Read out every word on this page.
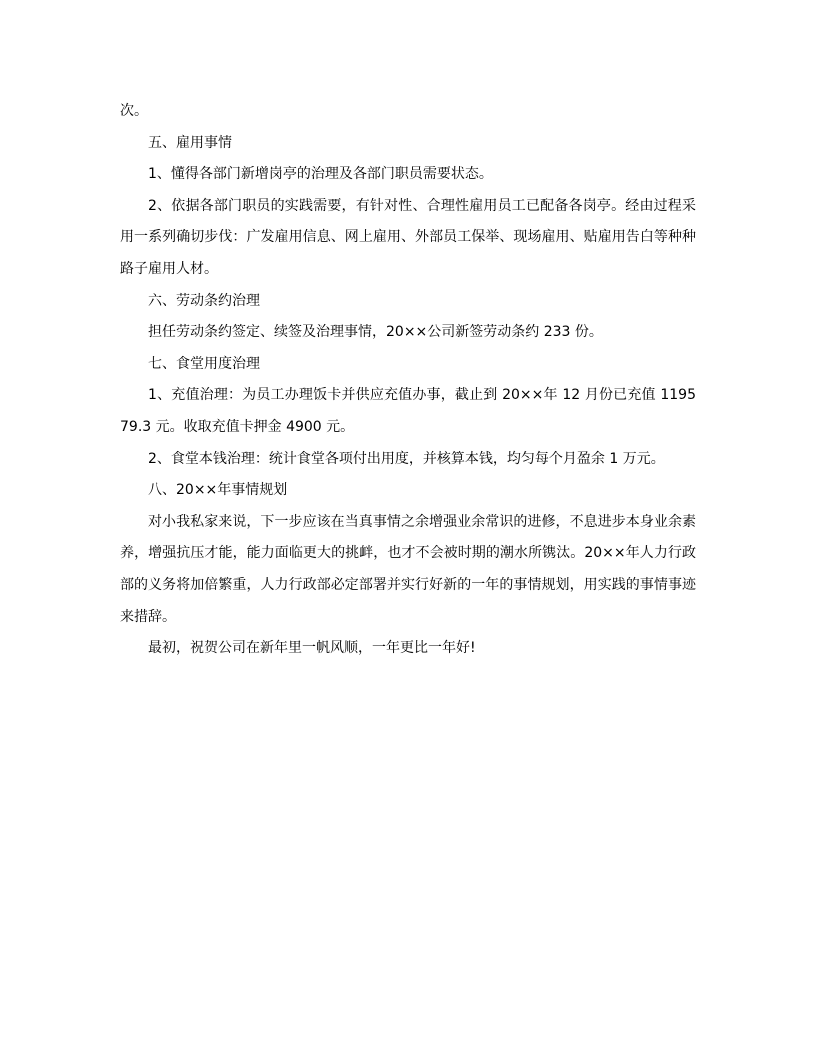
次。

五、雇用事情

1、懂得各部门新增岗亭的治理及各部门职员需要状态。

2、依据各部门职员的实践需要，有针对性、合理性雇用员工已配备各岗亭。经由过程采用一系列确切步伐：广发雇用信息、网上雇用、外部员工保举、现场雇用、贴雇用告白等种种路子雇用人材。

六、劳动条约治理

担任劳动条约签定、续签及治理事情，20××公司新签劳动条约 233 份。

七、食堂用度治理

1、充值治理：为员工办理饭卡并供应充值办事，截止到 20××年 12 月份已充值 119579.3 元。收取充值卡押金 4900 元。

2、食堂本钱治理：统计食堂各项付出用度，并核算本钱，均匀每个月盈余 1 万元。

八、20××年事情规划

对小我私家来说，下一步应该在当真事情之余增强业余常识的进修，不息进步本身业余素养，增强抗压才能，能力面临更大的挑衅，也才不会被时期的潮水所镌汰。20××年人力行政部的义务将加倍繁重，人力行政部必定部署并实行好新的一年的事情规划，用实践的事情事迹来措辞。

最初，祝贺公司在新年里一帆风顺，一年更比一年好!
